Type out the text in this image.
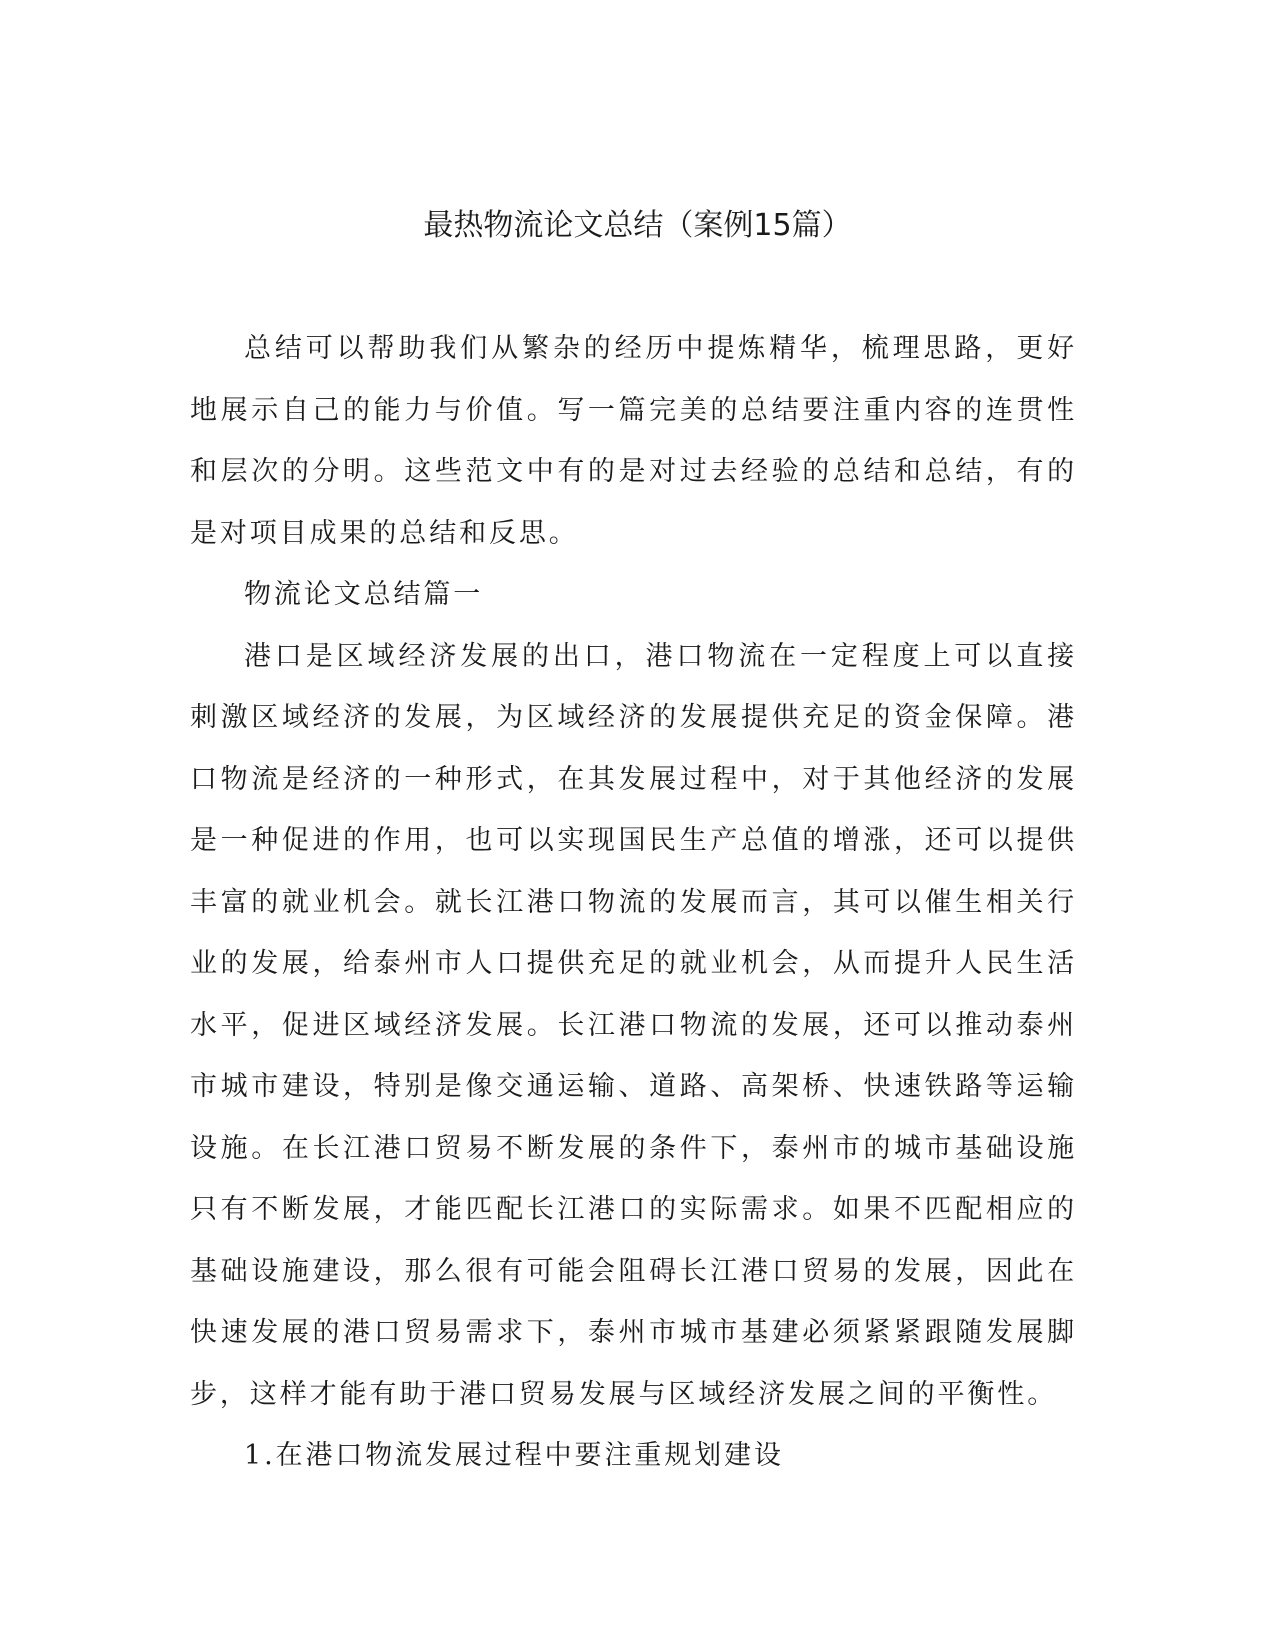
最热物流论文总结（案例15篇）

总结可以帮助我们从繁杂的经历中提炼精华，梳理思路，更好地展示自己的能力与价值。写一篇完美的总结要注重内容的连贯性和层次的分明。这些范文中有的是对过去经验的总结和总结，有的是对项目成果的总结和反思。

物流论文总结篇一

港口是区域经济发展的出口，港口物流在一定程度上可以直接刺激区域经济的发展，为区域经济的发展提供充足的资金保障。港口物流是经济的一种形式，在其发展过程中，对于其他经济的发展是一种促进的作用，也可以实现国民生产总值的增涨，还可以提供丰富的就业机会。就长江港口物流的发展而言，其可以催生相关行业的发展，给泰州市人口提供充足的就业机会，从而提升人民生活水平，促进区域经济发展。长江港口物流的发展，还可以推动泰州市城市建设，特别是像交通运输、道路、高架桥、快速铁路等运输设施。在长江港口贸易不断发展的条件下，泰州市的城市基础设施只有不断发展，才能匹配长江港口的实际需求。如果不匹配相应的基础设施建设，那么很有可能会阻碍长江港口贸易的发展，因此在快速发展的港口贸易需求下，泰州市城市基建必须紧紧跟随发展脚步，这样才能有助于港口贸易发展与区域经济发展之间的平衡性。

1.在港口物流发展过程中要注重规划建设
